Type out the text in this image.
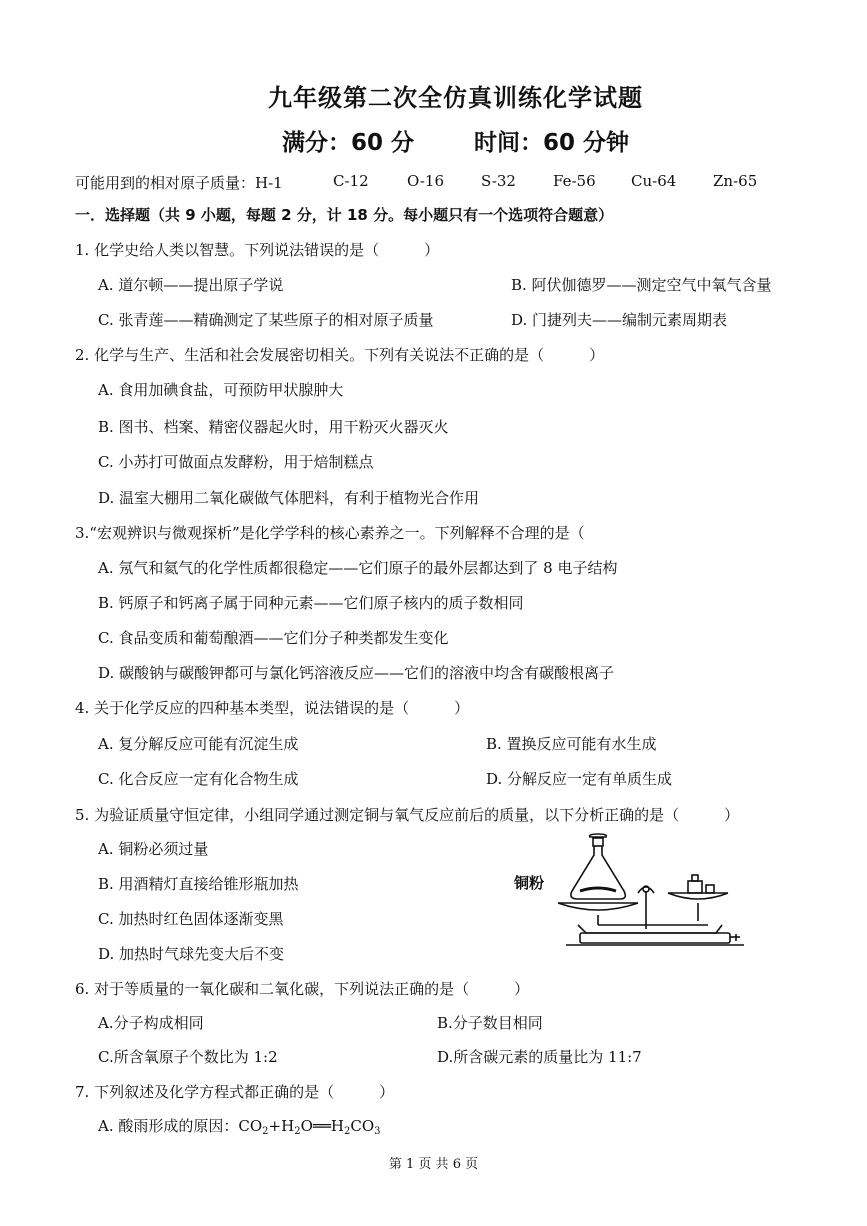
九年级第二次全仿真训练化学试题
满分：60 分	时间：60 分钟
可能用到的相对原子质量：H-1	C-12	O-16 S-32 Fe-56 Cu-64 Zn-65
一．选择题（共 9 小题，每题 2 分，计 18 分。每小题只有一个选项符合题意）
1. 化学史给人类以智慧。下列说法错误的是（　　　）
A. 道尔顿——提出原子学说	B. 阿伏伽德罗——测定空气中氧气含量
C. 张青莲——精确测定了某些原子的相对原子质量	D. 门捷列夫——编制元素周期表
2. 化学与生产、生活和社会发展密切相关。下列有关说法不正确的是（　　　）
A. 食用加碘食盐，可预防甲状腺肿大
B. 图书、档案、精密仪器起火时，用干粉灭火器灭火
C. 小苏打可做面点发酵粉，用于焙制糕点
D. 温室大棚用二氧化碳做气体肥料，有利于植物光合作用
3.“宏观辨识与微观探析”是化学学科的核心素养之一。下列解释不合理的是（
A. 氖气和氦气的化学性质都很稳定——它们原子的最外层都达到了 8 电子结构
B. 钙原子和钙离子属于同种元素——它们原子核内的质子数相同
C. 食品变质和葡萄酿酒——它们分子种类都发生变化
D. 碳酸钠与碳酸钾都可与氯化钙溶液反应——它们的溶液中均含有碳酸根离子
4. 关于化学反应的四种基本类型，说法错误的是（　　　）
A. 复分解反应可能有沉淀生成	B. 置换反应可能有水生成
C. 化合反应一定有化合物生成	D. 分解反应一定有单质生成
5. 为验证质量守恒定律，小组同学通过测定铜与氧气反应前后的质量，以下分析正确的是（　　　）
A. 铜粉必须过量
B. 用酒精灯直接给锥形瓶加热
C. 加热时红色固体逐渐变黑
D. 加热时气球先变大后不变
铜粉
6. 对于等质量的一氧化碳和二氧化碳，下列说法正确的是（　　　）
A.分子构成相同	B.分子数目相同
C.所含氧原子个数比为 1:2	D.所含碳元素的质量比为 11:7
7. 下列叙述及化学方程式都正确的是（　　　）
A. 酸雨形成的原因：$CO_2+H_2O══H_2CO_3$
第 1 页 共 6 页
